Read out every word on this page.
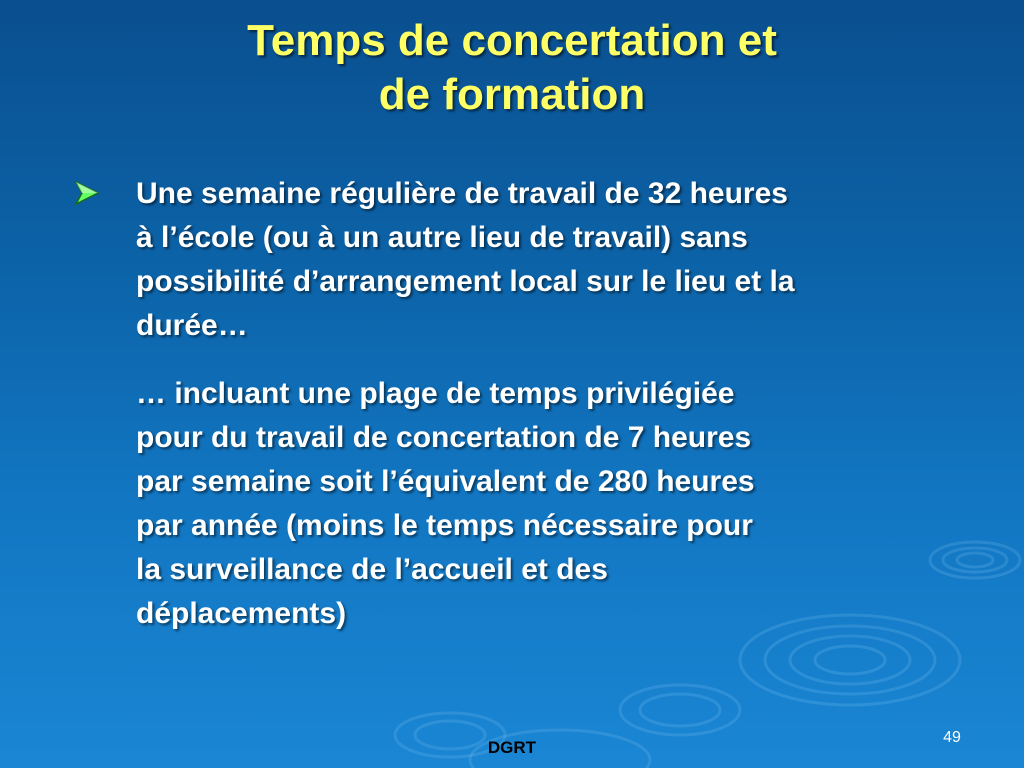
Temps de concertation et
de formation
Une semaine régulière de travail de 32 heures
à l’école (ou à un autre lieu de travail) sans
possibilité d’arrangement local sur le lieu et la
durée…
… incluant une plage de temps privilégiée
pour du travail de concertation de 7 heures
par semaine soit l’équivalent de 280 heures
par année (moins le temps nécessaire pour
la surveillance de l’accueil et des
déplacements)
DGRT
49
